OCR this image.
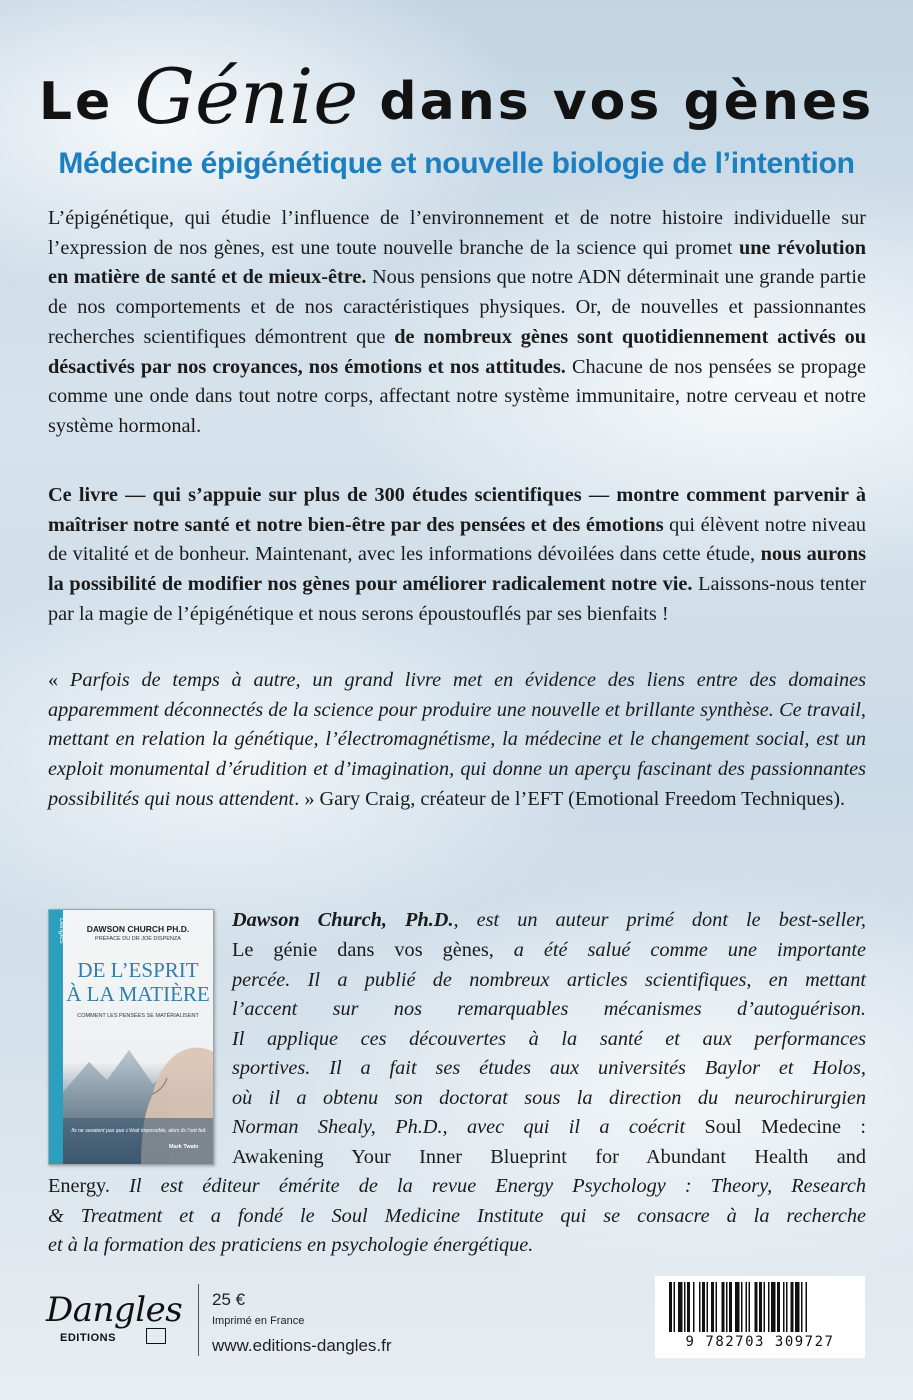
Le Génie dans vos gènes
Médecine épigénétique et nouvelle biologie de l’intention

L’épigénétique, qui étudie l’influence de l’environnement et de notre histoire individuelle sur l’expression de nos gènes, est une toute nouvelle branche de la science qui promet une révolution en matière de santé et de mieux-être. Nous pensions que notre ADN déterminait une grande partie de nos comportements et de nos caractéristiques physiques. Or, de nouvelles et passionnantes recherches scientifiques démontrent que de nombreux gènes sont quotidiennement activés ou désactivés par nos croyances, nos émotions et nos attitudes. Chacune de nos pensées se propage comme une onde dans tout notre corps, affectant notre système immunitaire, notre cerveau et notre système hormonal.

Ce livre — qui s’appuie sur plus de 300 études scientifiques — montre comment parvenir à maîtriser notre santé et notre bien-être par des pensées et des émotions qui élèvent notre niveau de vitalité et de bonheur. Maintenant, avec les informations dévoilées dans cette étude, nous aurons la possibilité de modifier nos gènes pour améliorer radicalement notre vie. Laissons-nous tenter par la magie de l’épigénétique et nous serons époustouflés par ses bienfaits !

« Parfois de temps à autre, un grand livre met en évidence des liens entre des domaines apparemment déconnectés de la science pour produire une nouvelle et brillante synthèse. Ce travail, mettant en relation la génétique, l’électromagnétisme, la médecine et le changement social, est un exploit monumental d’érudition et d’imagination, qui donne un aperçu fascinant des passionnantes possibilités qui nous attendent. » Gary Craig, créateur de l’EFT (Emotional Freedom Techniques).

Dangles	DAWSON CHURCH PH.D.
PRÉFACE DU DR JOE DISPENZA
DE L’ESPRIT
À LA MATIÈRE
COMMENT LES PENSÉES SE MATÉRIALISENT
Ils ne savaient pas que c’était impossible, alors ils l’ont fait.
Mark Twain
Dawson Church, Ph.D., est un auteur primé dont le best-seller,
Le génie dans vos gènes, a été salué comme une importante
percée. Il a publié de nombreux articles scientifiques, en mettant
l’accent sur nos remarquables mécanismes d’autoguérison.
Il applique ces découvertes à la santé et aux performances
sportives. Il a fait ses études aux universités Baylor et Holos,
où il a obtenu son doctorat sous la direction du neurochirurgien
Norman Shealy, Ph.D., avec qui il a coécrit Soul Medecine :
Awakening Your Inner Blueprint for Abundant Health and
Energy. Il est éditeur émérite de la revue Energy Psychology : Theory, Research
& Treatment et a fondé le Soul Medicine Institute qui se consacre à la recherche
et à la formation des praticiens en psychologie énergétique.
Dangles
EDITIONS
25 €
Imprimé en France
www.editions-dangles.fr	9 782703 309727
